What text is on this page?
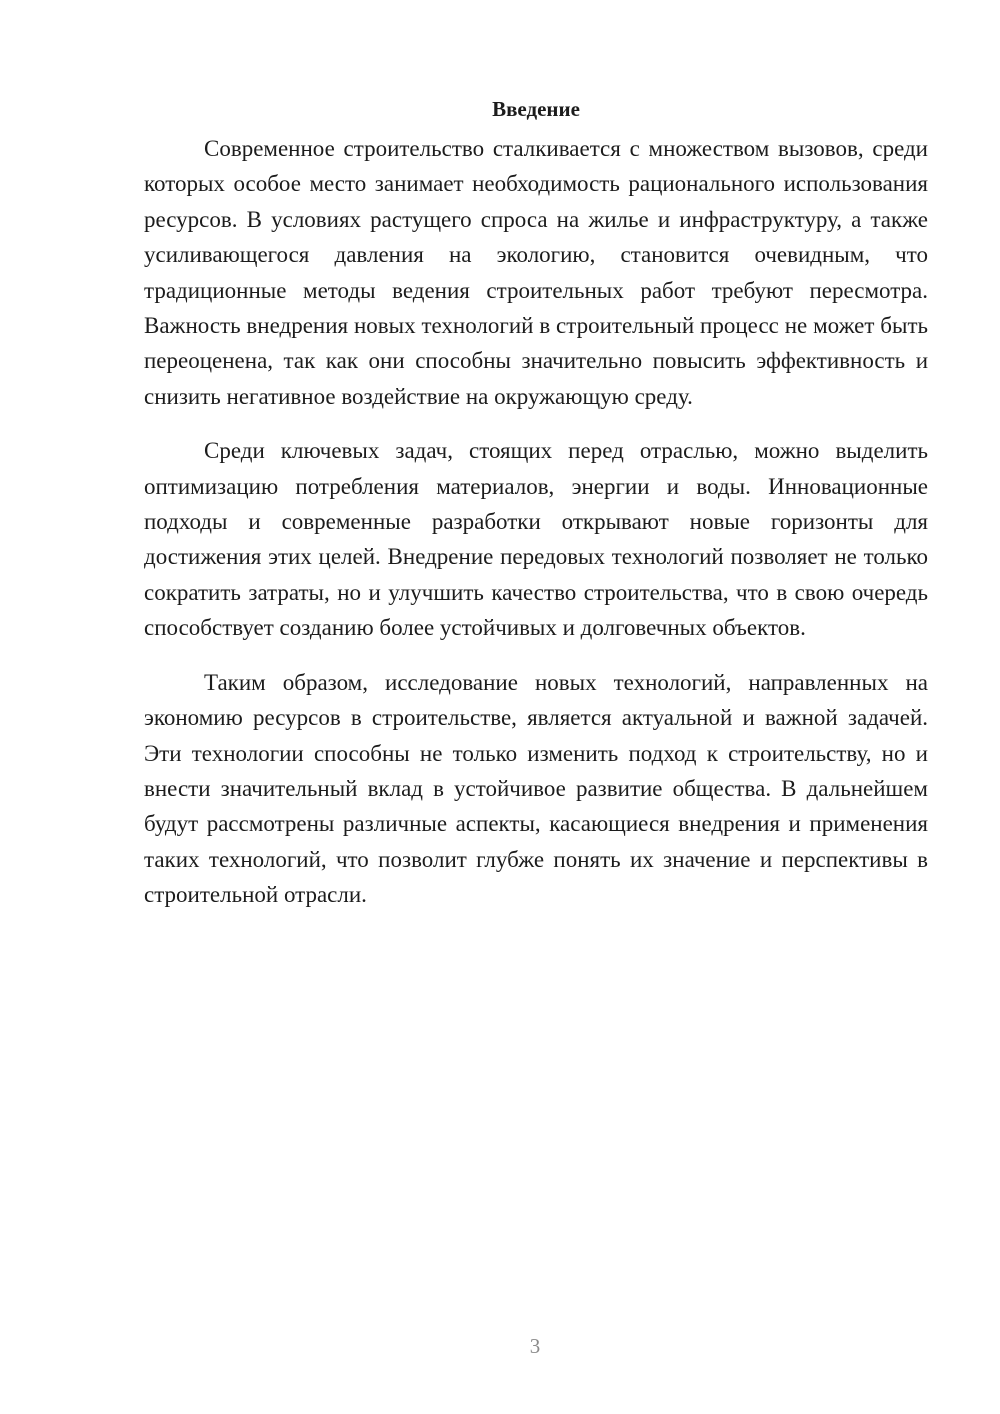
Введение

Современное строительство сталкивается с множеством вызовов, среди которых особое место занимает необходимость рационального использования ресурсов. В условиях растущего спроса на жилье и инфраструктуру, а также усиливающегося давления на экологию, становится очевидным, что традиционные методы ведения строительных работ требуют пересмотра. Важность внедрения новых технологий в строительный процесс не может быть переоценена, так как они способны значительно повысить эффективность и снизить негативное воздействие на окружающую среду.

Среди ключевых задач, стоящих перед отраслью, можно выделить оптимизацию потребления материалов, энергии и воды. Инновационные подходы и современные разработки открывают новые горизонты для достижения этих целей. Внедрение передовых технологий позволяет не только сократить затраты, но и улучшить качество строительства, что в свою очередь способствует созданию более устойчивых и долговечных объектов.

Таким образом, исследование новых технологий, направленных на экономию ресурсов в строительстве, является актуальной и важной задачей. Эти технологии способны не только изменить подход к строительству, но и внести значительный вклад в устойчивое развитие общества. В дальнейшем будут рассмотрены различные аспекты, касающиеся внедрения и применения таких технологий, что позволит глубже понять их значение и перспективы в строительной отрасли.

3
